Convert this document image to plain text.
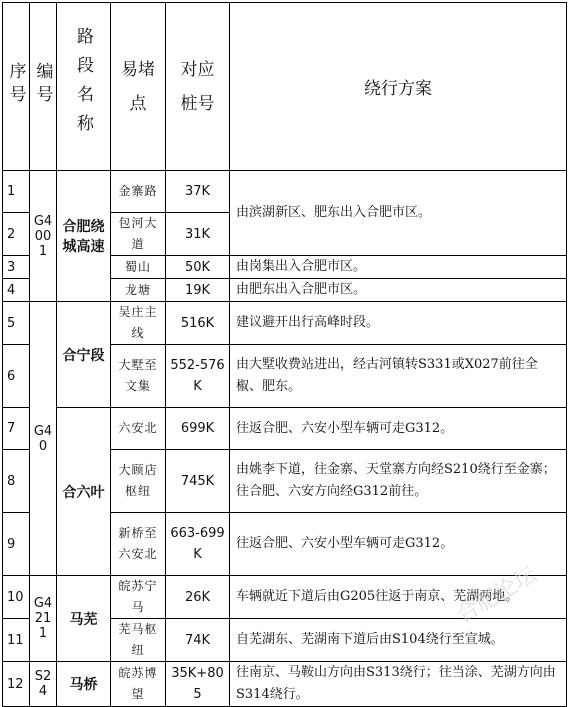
序号	编号	路段名称	易堵点	对应桩号	绕行方案
1	G4001	合肥绕城高速	金寨路	37K	由滨湖新区、肥东出入合肥市区。
2			包河大道	31K	
3			蜀山	50K	由岗集出入合肥市区。
4			龙塘	19K	由肥东出入合肥市区。
5	G40	合宁段	吴庄主线	516K	建议避开出行高峰时段。
6			大墅至文集	552-576K	由大墅收费站进出，经古河镇转S331或X027前往全椒、肥东。
7		合六叶	六安北	699K	往返合肥、六安小型车辆可走G312。
8			大顾店枢纽	745K	由姚李下道，往金寨、天堂寨方向经S210绕行至金寨；往合肥、六安方向经G312前往。
9			新桥至六安北	663-699K	往返合肥、六安小型车辆可走G312。
10	G4211	马芜	皖苏宁马	26K	车辆就近下道后由G205往返于南京、芜湖两地。
11			芜马枢纽	74K	自芜湖东、芜湖南下道后由S104绕行至宣城。
12	S24	马桥	皖苏博望	35K+805	往南京、马鞍山方向由S313绕行；往当涂、芜湖方向由S314绕行。
合肥论坛
